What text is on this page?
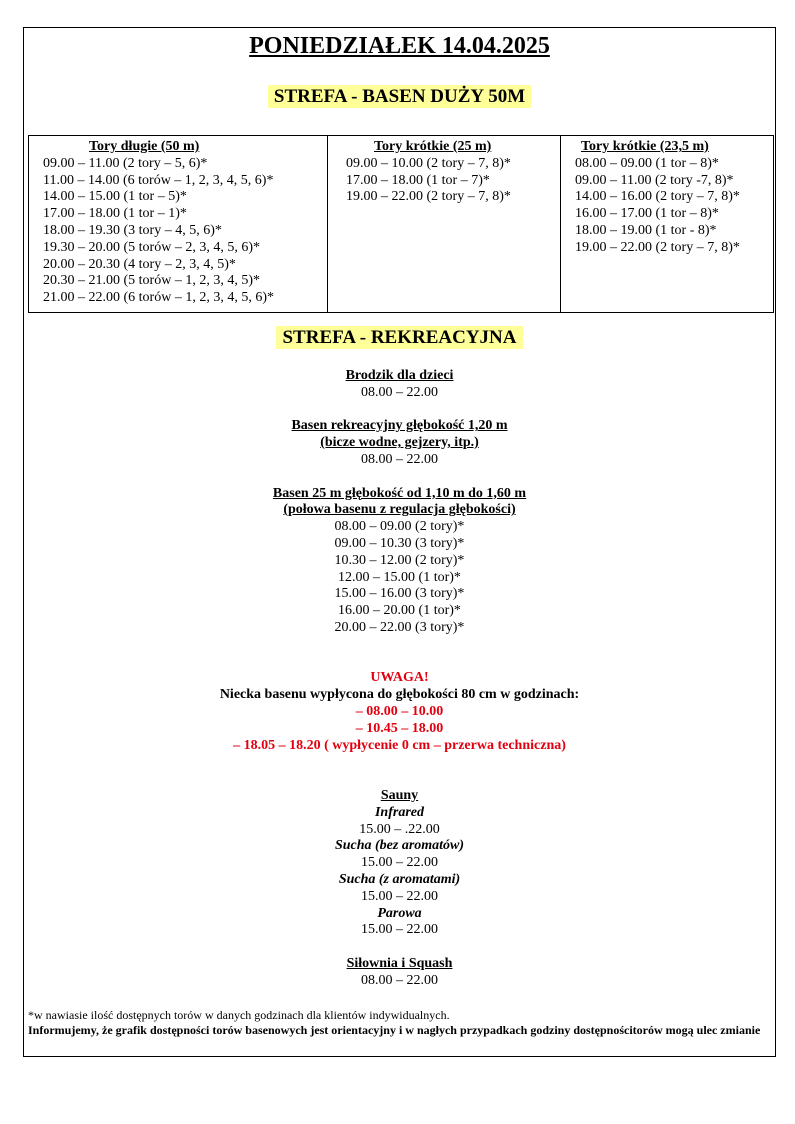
PONIEDZIAŁEK 14.04.2025
STREFA - BASEN DUŻY 50M
Tory długie (50 m)
09.00 – 11.00 (2 tory – 5, 6)*
11.00 – 14.00 (6 torów – 1, 2, 3, 4, 5, 6)*
14.00 – 15.00 (1 tor – 5)*
17.00 – 18.00 (1 tor – 1)*
18.00 – 19.30 (3 tory – 4, 5, 6)*
19.30 – 20.00 (5 torów – 2, 3, 4, 5, 6)*
20.00 – 20.30 (4 tory – 2, 3, 4, 5)*
20.30 – 21.00 (5 torów – 1, 2, 3, 4, 5)*
21.00 – 22.00 (6 torów – 1, 2, 3, 4, 5, 6)*
Tory krótkie (25 m)
09.00 – 10.00 (2 tory – 7, 8)*
17.00 – 18.00 (1 tor – 7)*
19.00 – 22.00 (2 tory – 7, 8)*
Tory krótkie (23,5 m)
08.00 – 09.00 (1 tor – 8)*
09.00 – 11.00 (2 tory -7, 8)*
14.00 – 16.00 (2 tory – 7, 8)*
16.00 – 17.00 (1 tor – 8)*
18.00 – 19.00 (1 tor - 8)*
19.00 – 22.00 (2 tory – 7, 8)*
STREFA - REKREACYJNA
Brodzik dla dzieci
08.00 – 22.00
Basen rekreacyjny głębokość 1,20 m
(bicze wodne, gejzery, itp.)
08.00 – 22.00
Basen 25 m głębokość od 1,10 m do 1,60 m
(połowa basenu z regulacja głębokości)
08.00 – 09.00 (2 tory)*
09.00 – 10.30 (3 tory)*
10.30 – 12.00 (2 tory)*
12.00 – 15.00 (1 tor)*
15.00 – 16.00 (3 tory)*
16.00 – 20.00 (1 tor)*
20.00 – 22.00 (3 tory)*
UWAGA!
Niecka basenu wypłycona do głębokości 80 cm w godzinach:
– 08.00 – 10.00
– 10.45 – 18.00
– 18.05 – 18.20 ( wypłycenie 0 cm – przerwa techniczna)
Sauny
Infrared
15.00 – .22.00
Sucha (bez aromatów)
15.00 – 22.00
Sucha (z aromatami)
15.00 – 22.00
Parowa
15.00 – 22.00
Siłownia i Squash
08.00 – 22.00
*w nawiasie ilość dostępnych torów w danych godzinach dla klientów indywidualnych.
Informujemy, że grafik dostępności torów basenowych jest orientacyjny i w nagłych przypadkach godziny dostępnościtorów mogą ulec zmianie
